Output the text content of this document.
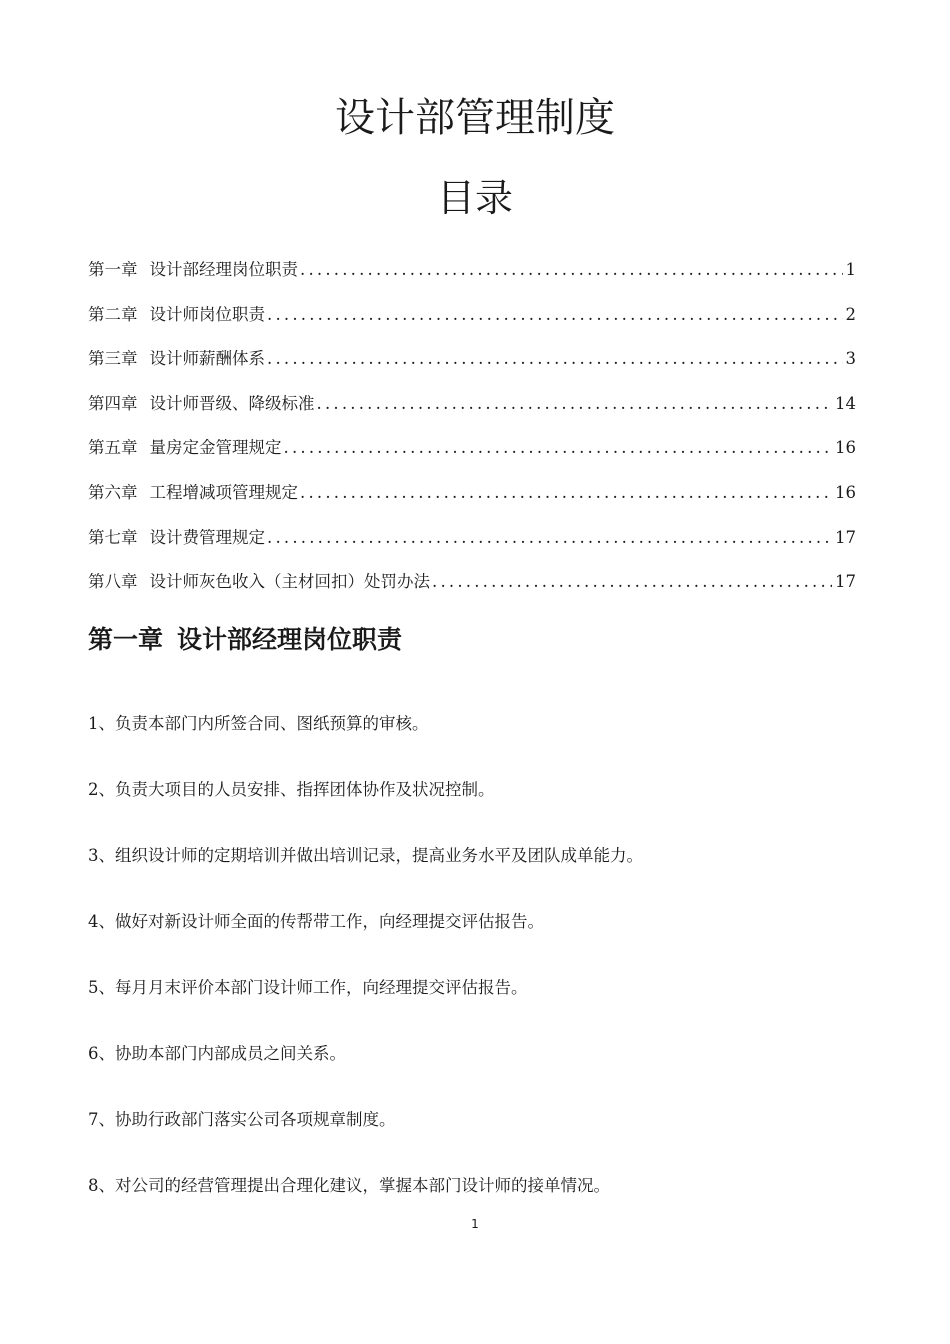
设计部管理制度
目录
第一章 设计部经理岗位职责 .....	1
第二章 设计师岗位职责 .....	2
第三章 设计师薪酬体系 .....	3
第四章 设计师晋级、降级标准 .....	14
第五章 量房定金管理规定 .....	16
第六章 工程增减项管理规定 .....	16
第七章 设计费管理规定 .....	17
第八章 设计师灰色收入（主材回扣）处罚办法 .....	17
第一章 设计部经理岗位职责
1、负责本部门内所签合同、图纸预算的审核。
2、负责大项目的人员安排、指挥团体协作及状况控制。
3、组织设计师的定期培训并做出培训记录，提高业务水平及团队成单能力。
4、做好对新设计师全面的传帮带工作，向经理提交评估报告。
5、每月月末评价本部门设计师工作，向经理提交评估报告。
6、协助本部门内部成员之间关系。
7、协助行政部门落实公司各项规章制度。
8、对公司的经营管理提出合理化建议，掌握本部门设计师的接单情况。
1
